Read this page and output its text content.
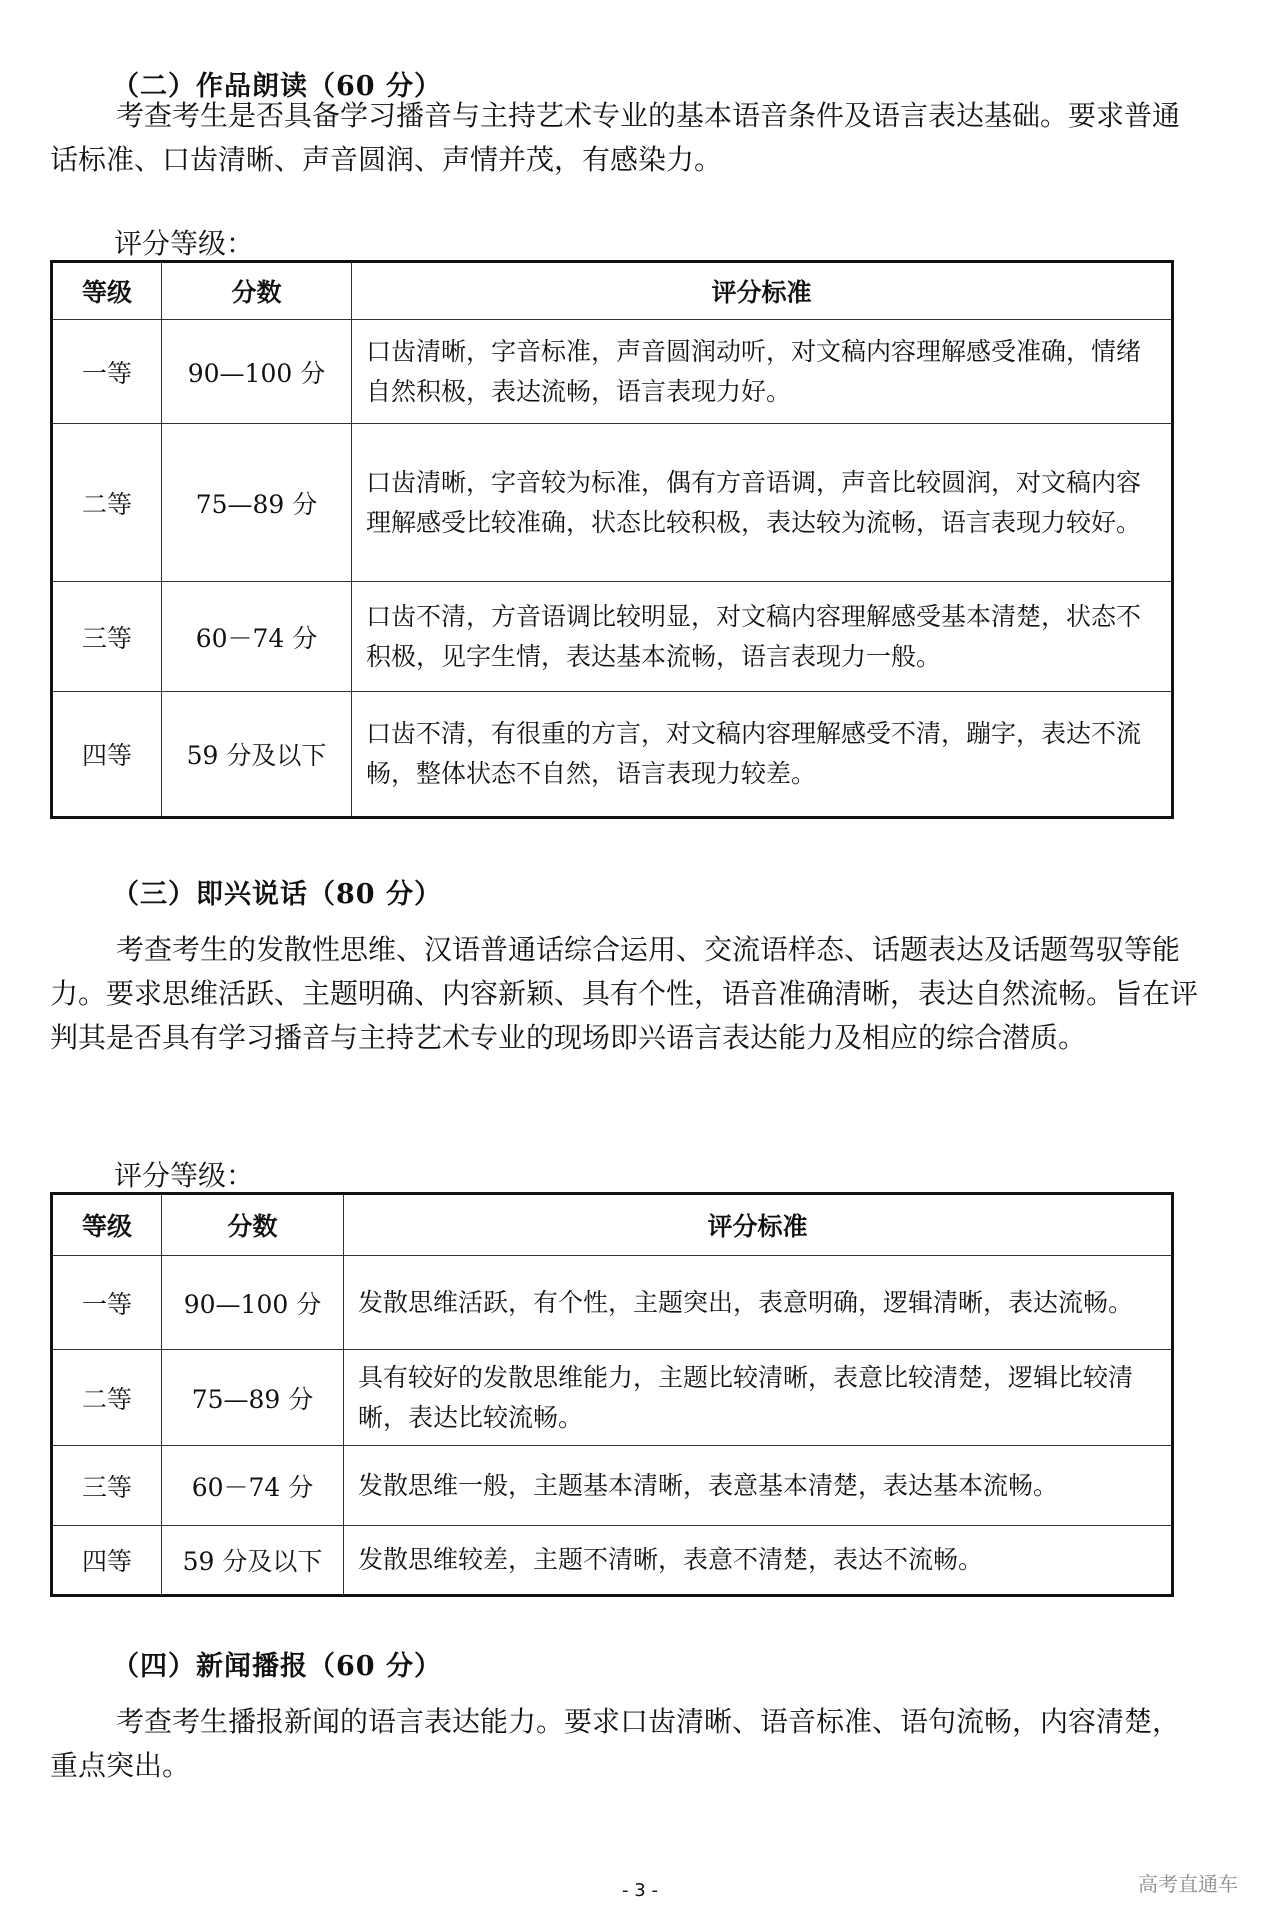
（二）作品朗读（60 分）

考查考生是否具备学习播音与主持艺术专业的基本语音条件及语言表达基础。要求普通话标准、口齿清晰、声音圆润、声情并茂，有感染力。

评分等级：
等级	分数	评分标准
一等	90—100 分	口齿清晰，字音标准，声音圆润动听，对文稿内容理解感受准确，情绪自然积极，表达流畅，语言表现力好。
二等	75—89 分	口齿清晰，字音较为标准，偶有方音语调，声音比较圆润，对文稿内容理解感受比较准确，状态比较积极，表达较为流畅，语言表现力较好。
三等	60－74 分	口齿不清，方音语调比较明显，对文稿内容理解感受基本清楚，状态不积极，见字生情，表达基本流畅，语言表现力一般。
四等	59 分及以下	口齿不清，有很重的方言，对文稿内容理解感受不清，蹦字，表达不流畅，整体状态不自然，语言表现力较差。
（三）即兴说话（80 分）

考查考生的发散性思维、汉语普通话综合运用、交流语样态、话题表达及话题驾驭等能力。要求思维活跃、主题明确、内容新颖、具有个性，语音准确清晰，表达自然流畅。旨在评判其是否具有学习播音与主持艺术专业的现场即兴语言表达能力及相应的综合潜质。

评分等级：
等级	分数	评分标准
一等	90—100 分	发散思维活跃，有个性，主题突出，表意明确，逻辑清晰，表达流畅。
二等	75—89 分	具有较好的发散思维能力，主题比较清晰，表意比较清楚，逻辑比较清晰，表达比较流畅。
三等	60－74 分	发散思维一般，主题基本清晰，表意基本清楚，表达基本流畅。
四等	59 分及以下	发散思维较差，主题不清晰，表意不清楚，表达不流畅。
（四）新闻播报（60 分）

考查考生播报新闻的语言表达能力。要求口齿清晰、语音标准、语句流畅，内容清楚，重点突出。

- 3 -	高考直通车
